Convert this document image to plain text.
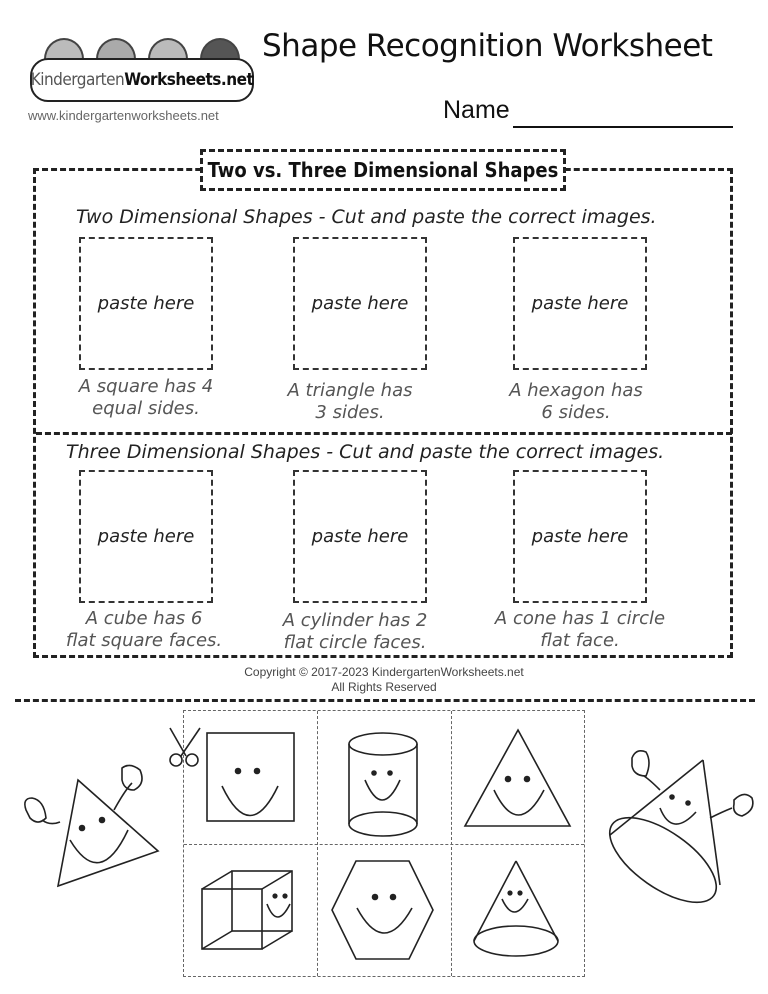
Kindergarten Worksheets.net
www.kindergartenworksheets.net
Shape Recognition Worksheet
Name
Two vs. Three Dimensional Shapes
Two Dimensional Shapes - Cut and paste the correct images.
paste here	paste here	paste here
A square has 4
equal sides.
A triangle has
3 sides.
A hexagon has
6 sides.
Three Dimensional Shapes - Cut and paste the correct images.
paste here	paste here	paste here
A cube has 6
flat square faces.
A cylinder has 2
flat circle faces.
A cone has 1 circle
flat face.
Copyright © 2017-2023 KindergartenWorksheets.net
All Rights Reserved
